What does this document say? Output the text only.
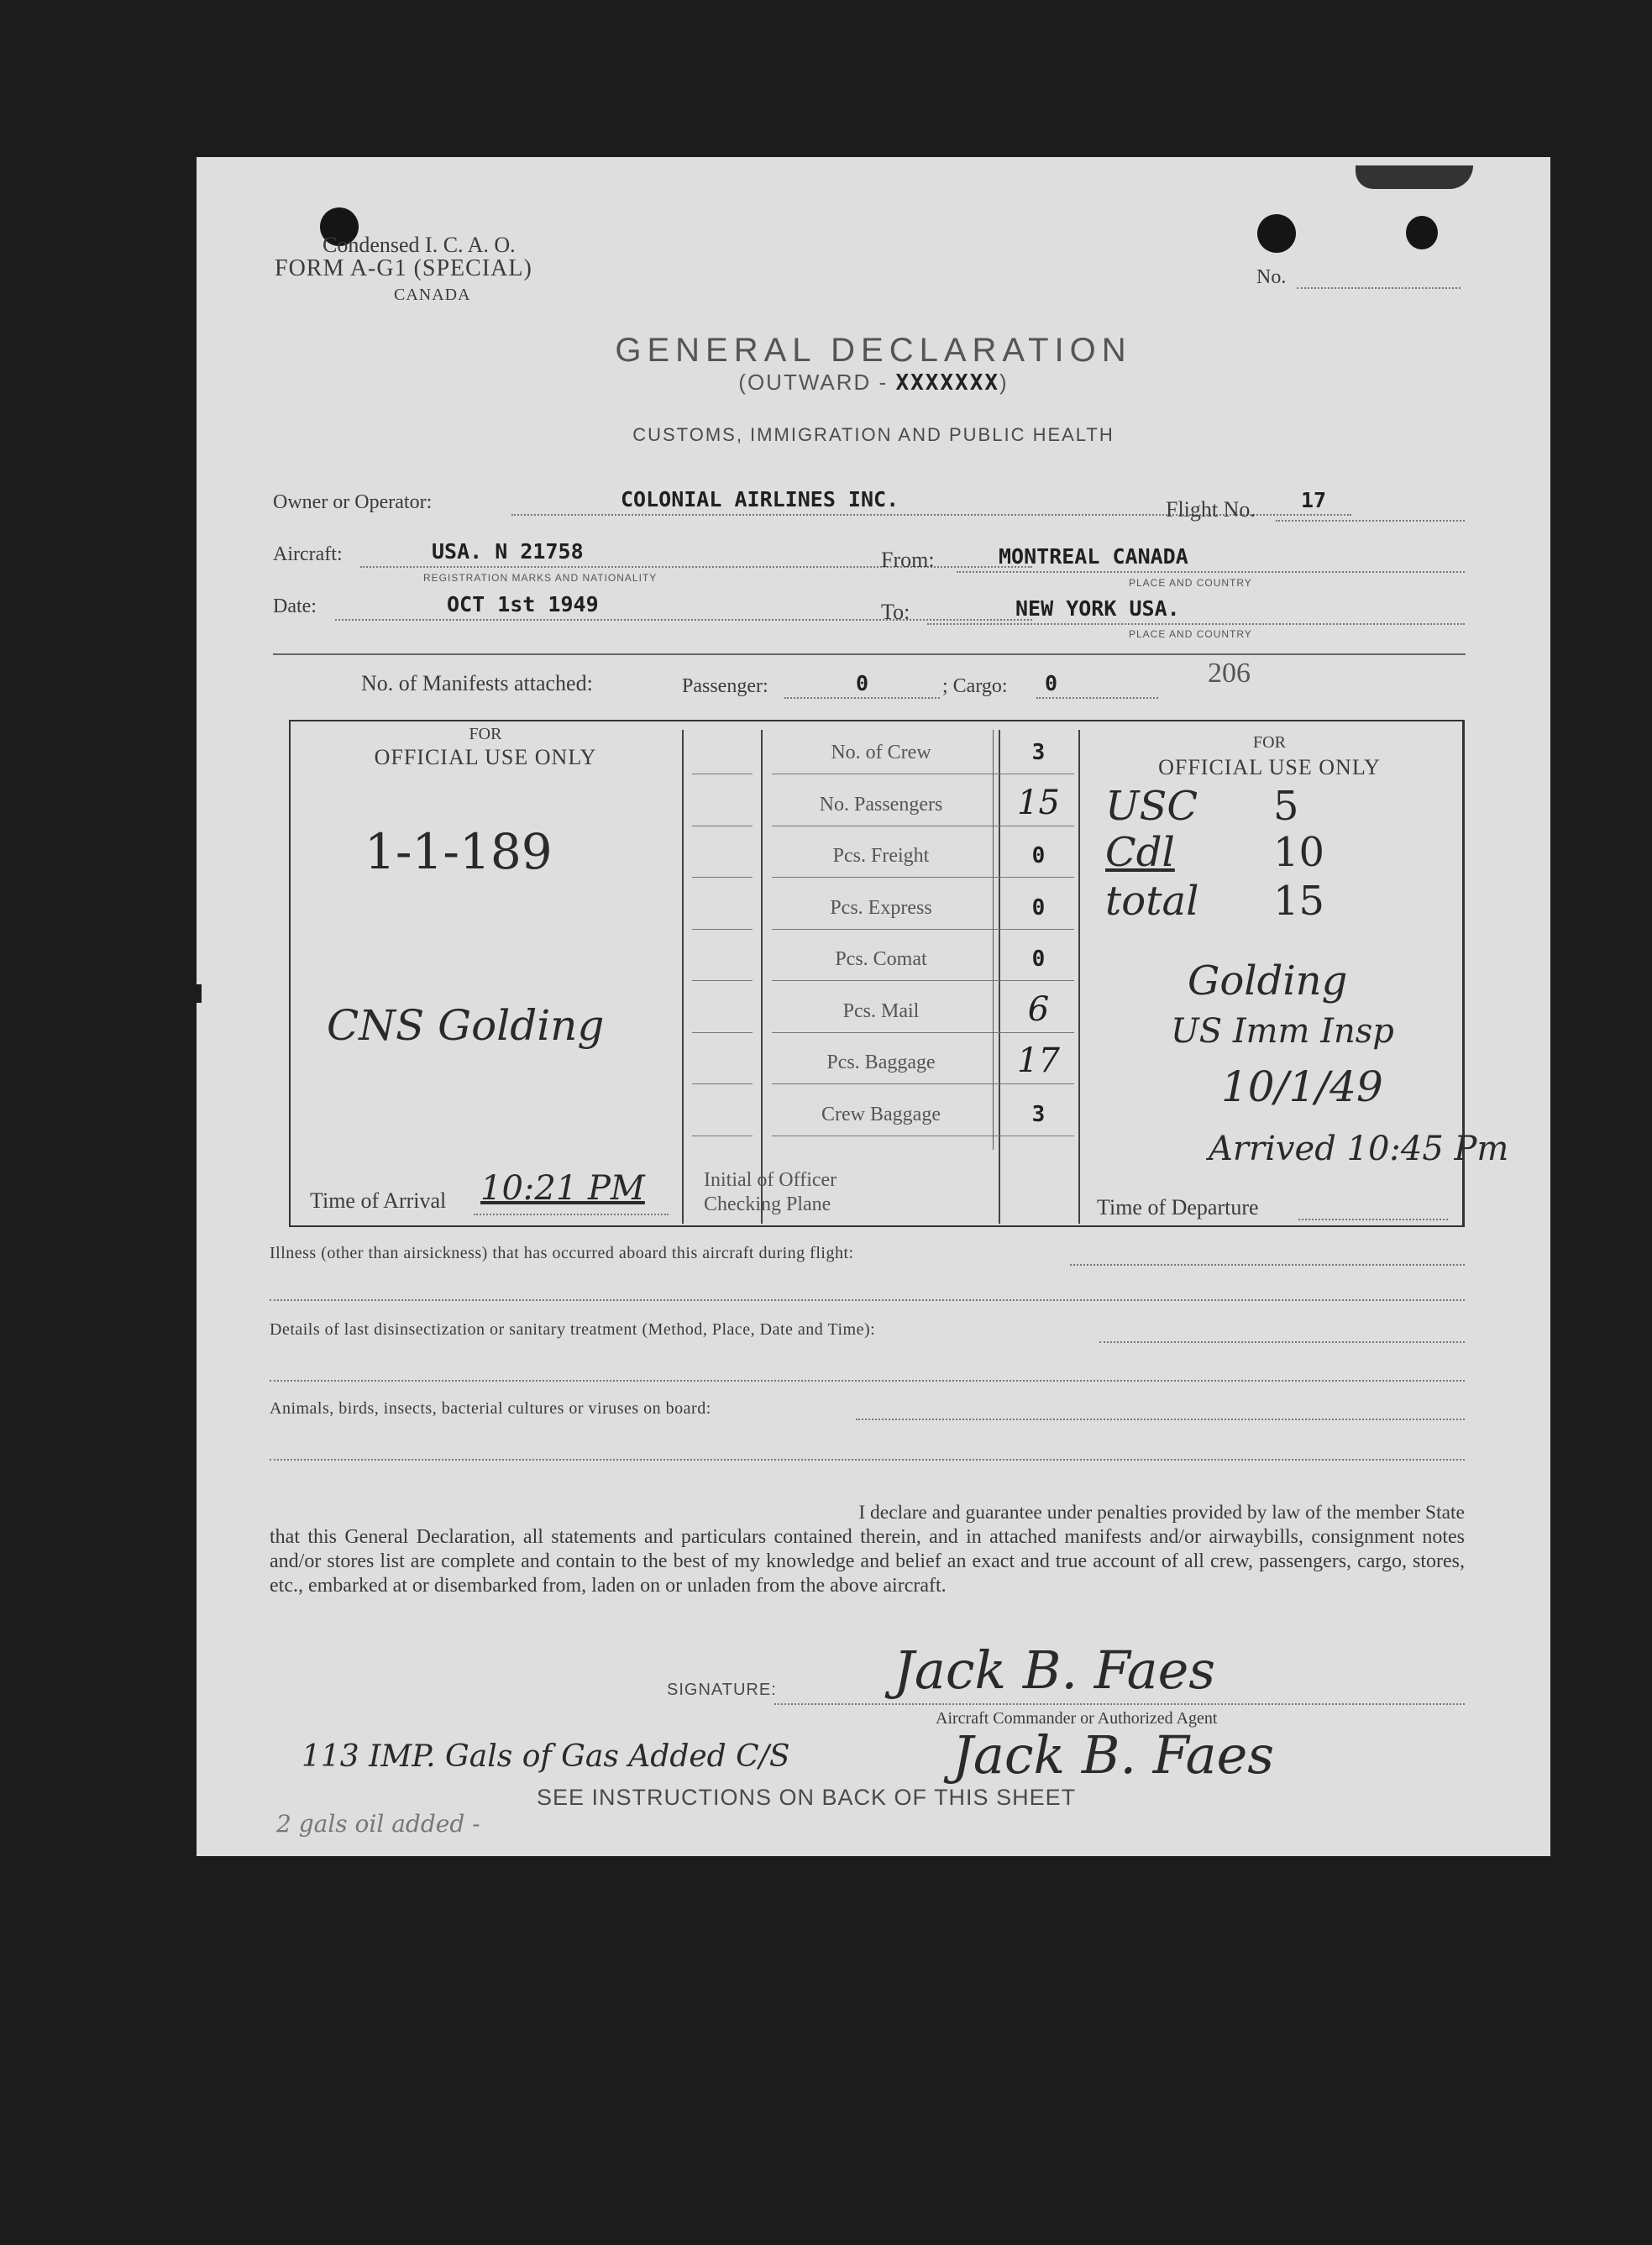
Condensed I. C. A. O.
FORM A-G1 (SPECIAL)
CANADA
No.
GENERAL DECLARATION
(OUTWARD - XXXXXXX)
CUSTOMS, IMMIGRATION AND PUBLIC HEALTH
Owner or Operator:	COLONIAL AIRLINES INC.	Flight No. 17
Aircraft:	USA. N 21758
REGISTRATION MARKS AND NATIONALITY
From:	MONTREAL CANADA
PLACE AND COUNTRY
Date:	OCT 1st 1949	To:	NEW YORK USA.
PLACE AND COUNTRY
No. of Manifests attached:	Passenger:	0	; Cargo: 0	206
FOR
OFFICIAL USE ONLY
1-1-189
CNS Golding
Time of Arrival 10:21 PM
No. of Crew	3
No. Passengers	15
Pcs. Freight	0
Pcs. Express	0
Pcs. Comat	0
Pcs. Mail	6
Pcs. Baggage	17
Crew Baggage	3
Initial of Officer
Checking Plane
FOR
OFFICIAL USE ONLY
USC 5
Cdl 10
total 15
Golding
US Imm Insp
10/1/49
Arrived 10:45 Pm
Time of Departure
Illness (other than airsickness) that has occurred aboard this aircraft during flight:
Details of last disinsectization or sanitary treatment (Method, Place, Date and Time):
Animals, birds, insects, bacterial cultures or viruses on board:
I declare and guarantee under penalties provided by law of the member State
that this General Declaration, all statements and particulars contained therein, and in attached manifests and/or airwaybills, consignment notes and/or stores list are complete and contain to the best of my knowledge and belief an exact and true account of all crew, passengers, cargo, stores, etc., embarked at or disembarked from, laden on or unladen from the above aircraft.
SIGNATURE: Jack B. Faes
Aircraft Commander or Authorized Agent
Jack B. Faes
113 IMP. Gals of Gas Added C/S
SEE INSTRUCTIONS ON BACK OF THIS SHEET
2 gals oil added -
